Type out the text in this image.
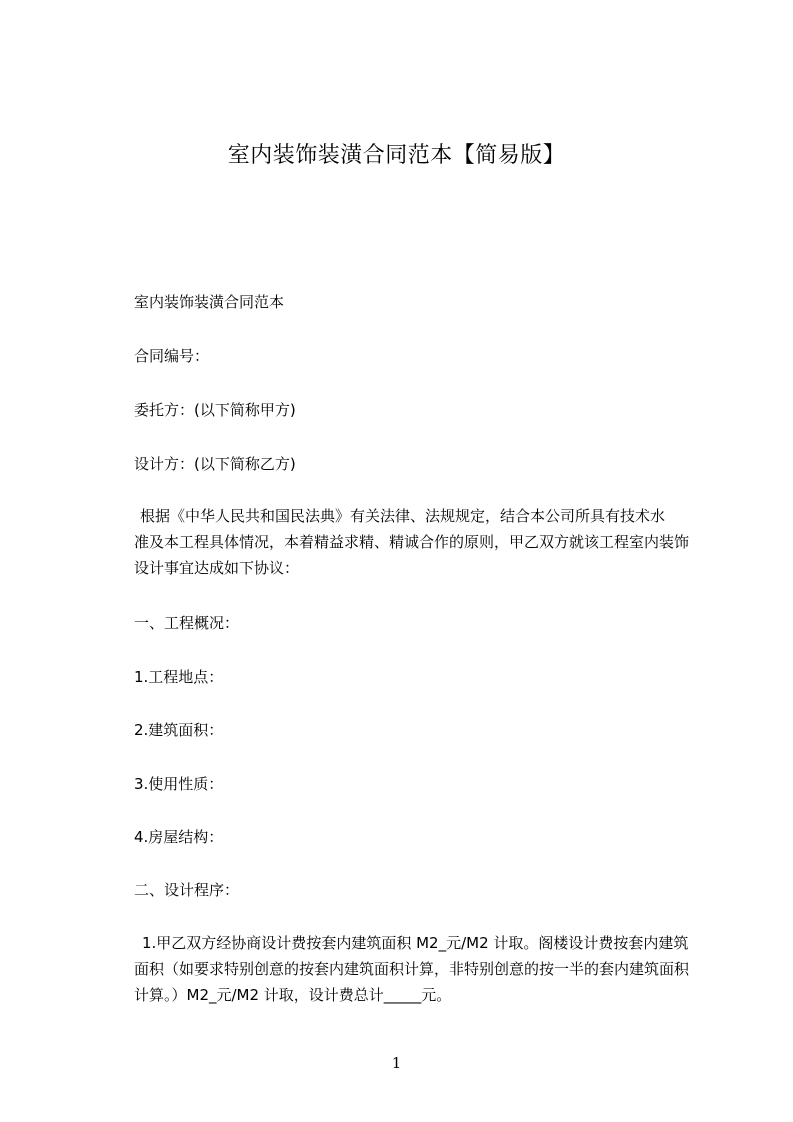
室内装饰装潢合同范本【简易版】
室内装饰装潢合同范本
合同编号：
委托方：(以下简称甲方)
设计方：(以下简称乙方)
根据《中华人民共和国民法典》有关法律、法规规定，结合本公司所具有技术水
准及本工程具体情况，本着精益求精、精诚合作的原则，甲乙双方就该工程室内装饰
设计事宜达成如下协议：
一、工程概况：
1.工程地点：
2.建筑面积：
3.使用性质：
4.房屋结构：
二、设计程序：
1.甲乙双方经协商设计费按套内建筑面积 M2_元/M2 计取。阁楼设计费按套内建筑
面积（如要求特别创意的按套内建筑面积计算，非特别创意的按一半的套内建筑面积
计算。）M2_元/M2 计取，设计费总计_____元。
1
